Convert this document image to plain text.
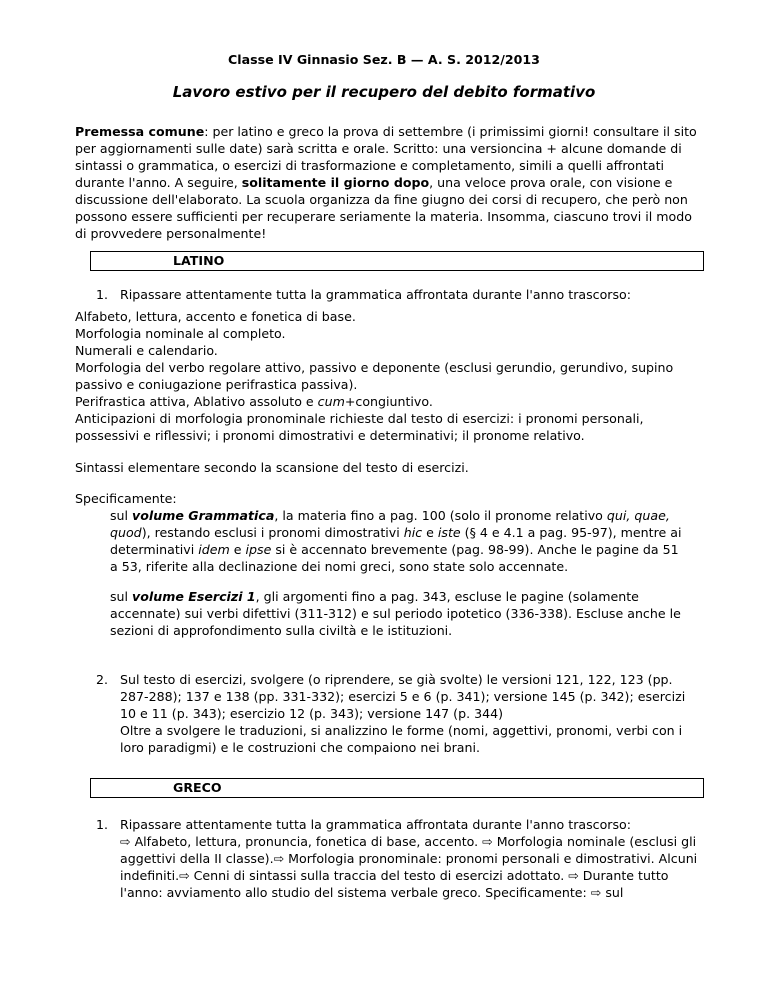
Classe IV Ginnasio Sez. B — A. S. 2012/2013
Lavoro estivo per il recupero del debito formativo
Premessa comune: per latino e greco la prova di settembre (i primissimi giorni! consultare il sito per aggiornamenti sulle date) sarà scritta e orale. Scritto: una versioncina + alcune domande di sintassi o grammatica, o esercizi di trasformazione e completamento, simili a quelli affrontati durante l'anno. A seguire, solitamente il giorno dopo, una veloce prova orale, con visione e discussione dell'elaborato. La scuola organizza da fine giugno dei corsi di recupero, che però non possono essere sufficienti per recuperare seriamente la materia. Insomma, ciascuno trovi il modo di provvedere personalmente!
LATINO
1. Ripassare attentamente tutta la grammatica affrontata durante l'anno trascorso:
Alfabeto, lettura, accento e fonetica di base.
Morfologia nominale al completo.
Numerali e calendario.
Morfologia del verbo regolare attivo, passivo e deponente (esclusi gerundio, gerundivo, supino
passivo e coniugazione perifrastica passiva).
Perifrastica attiva, Ablativo assoluto e cum+congiuntivo.
Anticipazioni di morfologia pronominale richieste dal testo di esercizi: i pronomi personali,
possessivi e riflessivi; i pronomi dimostrativi e determinativi; il pronome relativo.
Sintassi elementare secondo la scansione del testo di esercizi.
Specificamente:
sul volume Grammatica, la materia fino a pag. 100 (solo il pronome relativo qui, quae, quod), restando esclusi i pronomi dimostrativi hic e iste (§ 4 e 4.1 a pag. 95-97), mentre ai determinativi idem e ipse si è accennato brevemente (pag. 98-99). Anche le pagine da 51 a 53, riferite alla declinazione dei nomi greci, sono state solo accennate.
sul volume Esercizi 1, gli argomenti fino a pag. 343, escluse le pagine (solamente accennate) sui verbi difettivi (311-312) e sul periodo ipotetico (336-338). Escluse anche le sezioni di approfondimento sulla civiltà e le istituzioni.
2. Sul testo di esercizi, svolgere (o riprendere, se già svolte) le versioni 121, 122, 123 (pp. 287-288); 137 e 138 (pp. 331-332); esercizi 5 e 6 (p. 341); versione 145 (p. 342); esercizi 10 e 11 (p. 343); esercizio 12 (p. 343); versione 147 (p. 344)
Oltre a svolgere le traduzioni, si analizzino le forme (nomi, aggettivi, pronomi, verbi con i loro paradigmi) e le costruzioni che compaiono nei brani.
GRECO
1. Ripassare attentamente tutta la grammatica affrontata durante l'anno trascorso:
⇨ Alfabeto, lettura, pronuncia, fonetica di base, accento. ⇨ Morfologia nominale (esclusi gli aggettivi della II classe).⇨ Morfologia pronominale: pronomi personali e dimostrativi. Alcuni indefiniti.⇨ Cenni di sintassi sulla traccia del testo di esercizi adottato. ⇨ Durante tutto l'anno: avviamento allo studio del sistema verbale greco. Specificamente: ⇨ sul
